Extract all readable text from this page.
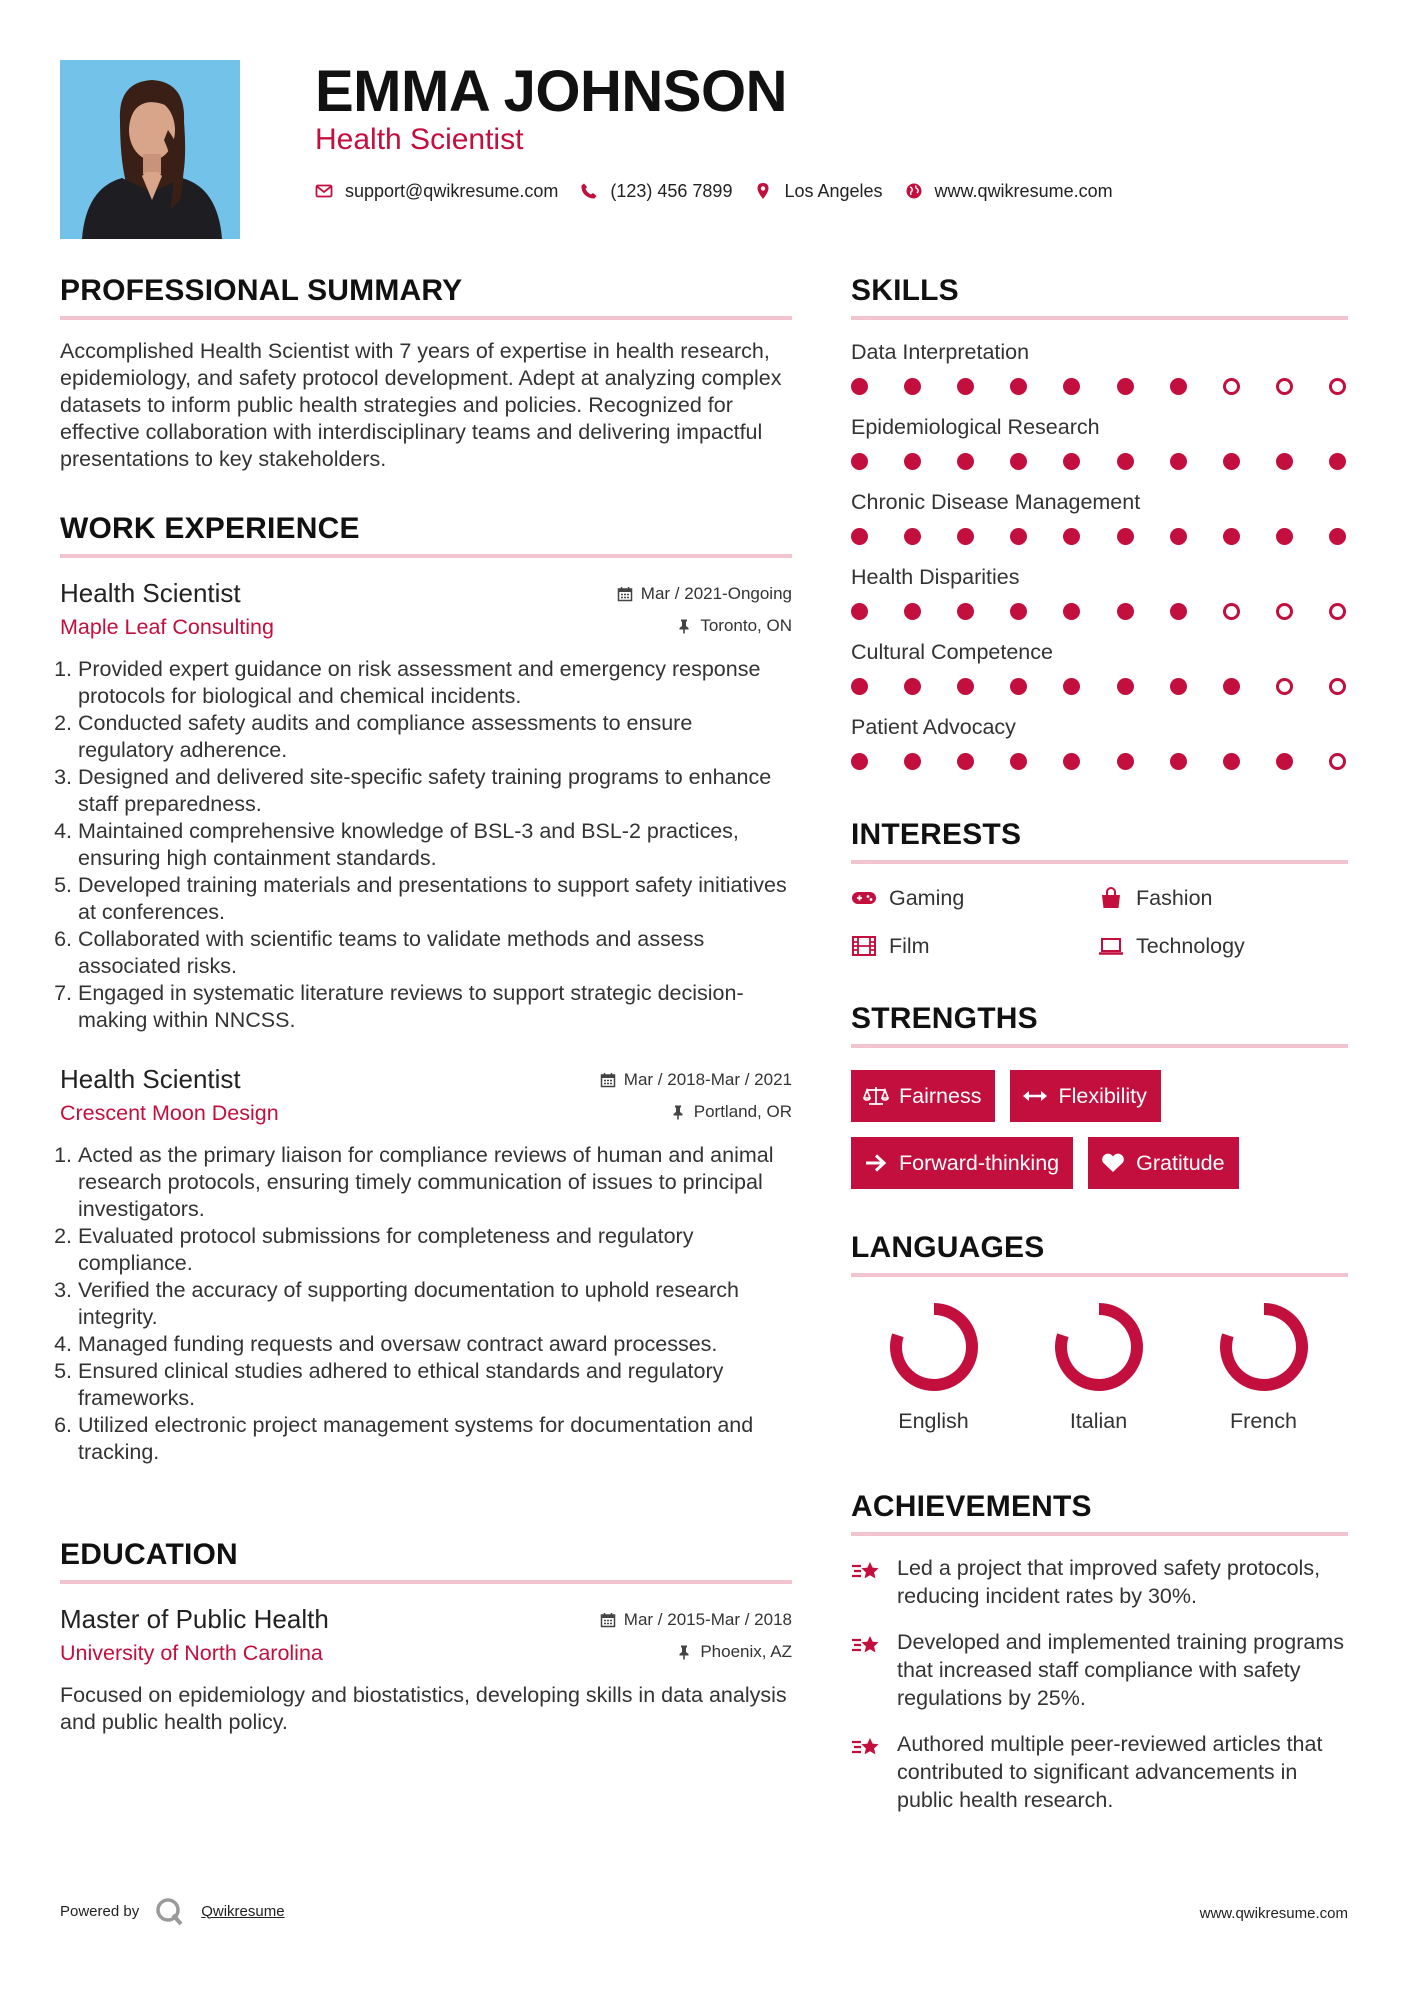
EMMA JOHNSON
Health Scientist
support@qwikresume.com	(123) 456 7899	Los Angeles	www.qwikresume.com
PROFESSIONAL SUMMARY
Accomplished Health Scientist with 7 years of expertise in health research, epidemiology, and safety protocol development. Adept at analyzing complex datasets to inform public health strategies and policies. Recognized for effective collaboration with interdisciplinary teams and delivering impactful presentations to key stakeholders.
WORK EXPERIENCE
Health Scientist	Mar / 2021-Ongoing
Maple Leaf Consulting	Toronto, ON
1. Provided expert guidance on risk assessment and emergency response protocols for biological and chemical incidents.
2. Conducted safety audits and compliance assessments to ensure regulatory adherence.
3. Designed and delivered site-specific safety training programs to enhance staff preparedness.
4. Maintained comprehensive knowledge of BSL-3 and BSL-2 practices, ensuring high containment standards.
5. Developed training materials and presentations to support safety initiatives at conferences.
6. Collaborated with scientific teams to validate methods and assess associated risks.
7. Engaged in systematic literature reviews to support strategic decision-making within NNCSS.
Health Scientist	Mar / 2018-Mar / 2021
Crescent Moon Design	Portland, OR
1. Acted as the primary liaison for compliance reviews of human and animal research protocols, ensuring timely communication of issues to principal investigators.
2. Evaluated protocol submissions for completeness and regulatory compliance.
3. Verified the accuracy of supporting documentation to uphold research integrity.
4. Managed funding requests and oversaw contract award processes.
5. Ensured clinical studies adhered to ethical standards and regulatory frameworks.
6. Utilized electronic project management systems for documentation and tracking.
EDUCATION
Master of Public Health	Mar / 2015-Mar / 2018
University of North Carolina	Phoenix, AZ
Focused on epidemiology and biostatistics, developing skills in data analysis and public health policy.
SKILLS
Data Interpretation
Epidemiological Research
Chronic Disease Management
Health Disparities
Cultural Competence
Patient Advocacy
INTERESTS
Gaming	Fashion
Film	Technology
STRENGTHS
Fairness	Flexibility
Forward-thinking	Gratitude
LANGUAGES
English	Italian	French
ACHIEVEMENTS
Led a project that improved safety protocols, reducing incident rates by 30%.
Developed and implemented training programs that increased staff compliance with safety regulations by 25%.
Authored multiple peer-reviewed articles that contributed to significant advancements in public health research.
Powered by	Qwikresume	www.qwikresume.com
